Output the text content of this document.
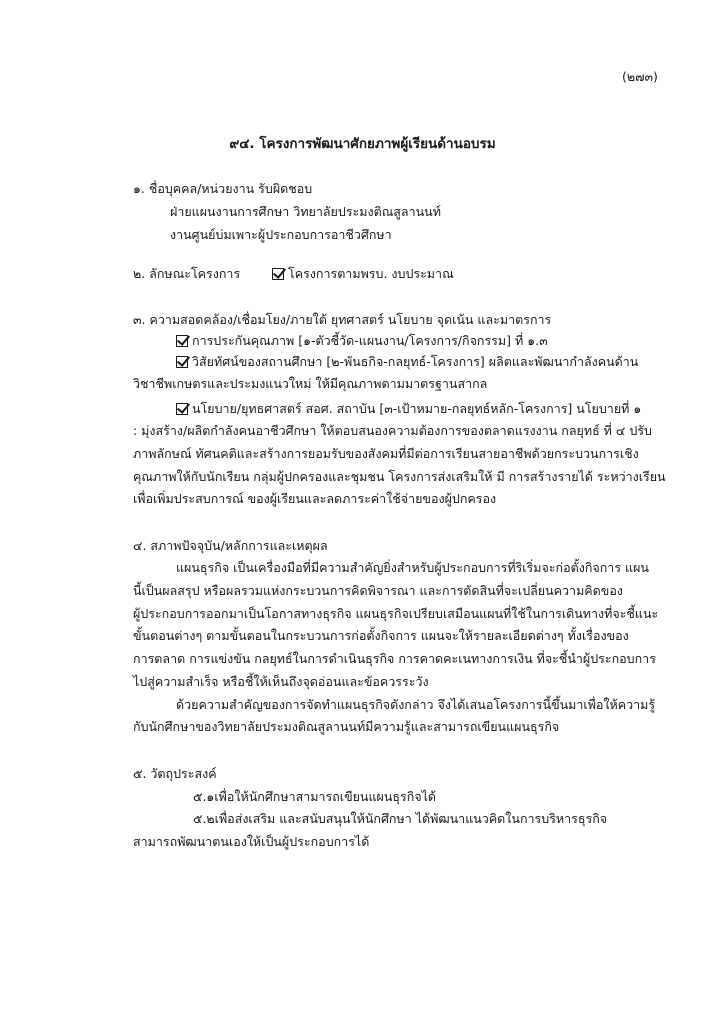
(๒๗๓)
๙๔. โครงการพัฒนาศักยภาพผู้เรียนด้านอบรม
๑. ชื่อบุคคล/หน่วยงาน รับผิดชอบ
ฝ่ายแผนงานการศึกษา วิทยาลัยประมงติณสูลานนท์
งานศูนย์บ่มเพาะผู้ประกอบการอาชีวศึกษา
๒. ลักษณะโครงการ	โครงการตามพรบ. งบประมาณ
๓. ความสอดคล้อง/เชื่อมโยง/ภายใต้ ยุทศาสตร์ นโยบาย จุดเน้น และมาตรการ
การประกันคุณภาพ [๑-ตัวชี้วัด-แผนงาน/โครงการ/กิจกรรม] ที่ ๑.๓
วิสัยทัศน์ของสถานศึกษา [๒-พันธกิจ-กลยุทธ์-โครงการ] ผลิตและพัฒนากำลังคนด้าน
วิชาชีพเกษตรและประมงแนวใหม่ ให้มีคุณภาพตามมาตรฐานสากล
นโยบาย/ยุทธศาสตร์ สอศ. สถาบัน [๓-เป้าหมาย-กลยุทธ์หลัก-โครงการ] นโยบายที่ ๑
: มุ่งสร้าง/ผลิตกำลังคนอาชีวศึกษา ให้ตอบสนองความต้องการของตลาดแรงงาน กลยุทธ์ ที่ ๔ ปรับ
ภาพลักษณ์ ทัศนคติและสร้างการยอมรับของสังคมที่มีต่อการเรียนสายอาชีพด้วยกระบวนการเชิง
คุณภาพให้กับนักเรียน กลุ่มผู้ปกครองและชุมชน โครงการส่งเสริมให้ มี การสร้างรายได้ ระหว่างเรียน
เพื่อเพิ่มประสบการณ์ ของผู้เรียนและลดภาระค่าใช้จ่ายของผู้ปกครอง
๔. สภาพปัจจุบัน/หลักการและเหตุผล
แผนธุรกิจ เป็นเครื่องมือที่มีความสำคัญยิ่งสำหรับผู้ประกอบการที่ริเริ่มจะก่อตั้งกิจการ แผน
นี้เป็นผลสรุป หรือผลรวมแห่งกระบวนการคิดพิจารณา และการตัดสินที่จะเปลี่ยนความคิดของ
ผู้ประกอบการออกมาเป็นโอกาสทางธุรกิจ แผนธุรกิจเปรียบเสมือนแผนที่ใช้ในการเดินทางที่จะชี้แนะ
ขั้นตอนต่างๆ ตามขั้นตอนในกระบวนการก่อตั้งกิจการ แผนจะให้รายละเอียดต่างๆ ทั้งเรื่องของ
การตลาด การแข่งขัน กลยุทธ์ในการดำเนินธุรกิจ การคาดคะเนทางการเงิน ที่จะชี้นำผู้ประกอบการ
ไปสู่ความสำเร็จ หรือชี้ให้เห็นถึงจุดอ่อนและข้อควรระวัง
ด้วยความสำคัญของการจัดทำแผนธุรกิจดังกล่าว จึงได้เสนอโครงการนี้ขึ้นมาเพื่อให้ความรู้
กับนักศึกษาของวิทยาลัยประมงติณสูลานนท์มีความรู้และสามารถเขียนแผนธุรกิจ
๕. วัตถุประสงค์
๕.๑เพื่อให้นักศึกษาสามารถเขียนแผนธุรกิจได้
๕.๒เพื่อส่งเสริม และสนับสนุนให้นักศึกษา ได้พัฒนาแนวคิดในการบริหารธุรกิจ
สามารถพัฒนาตนเองให้เป็นผู้ประกอบการได้
